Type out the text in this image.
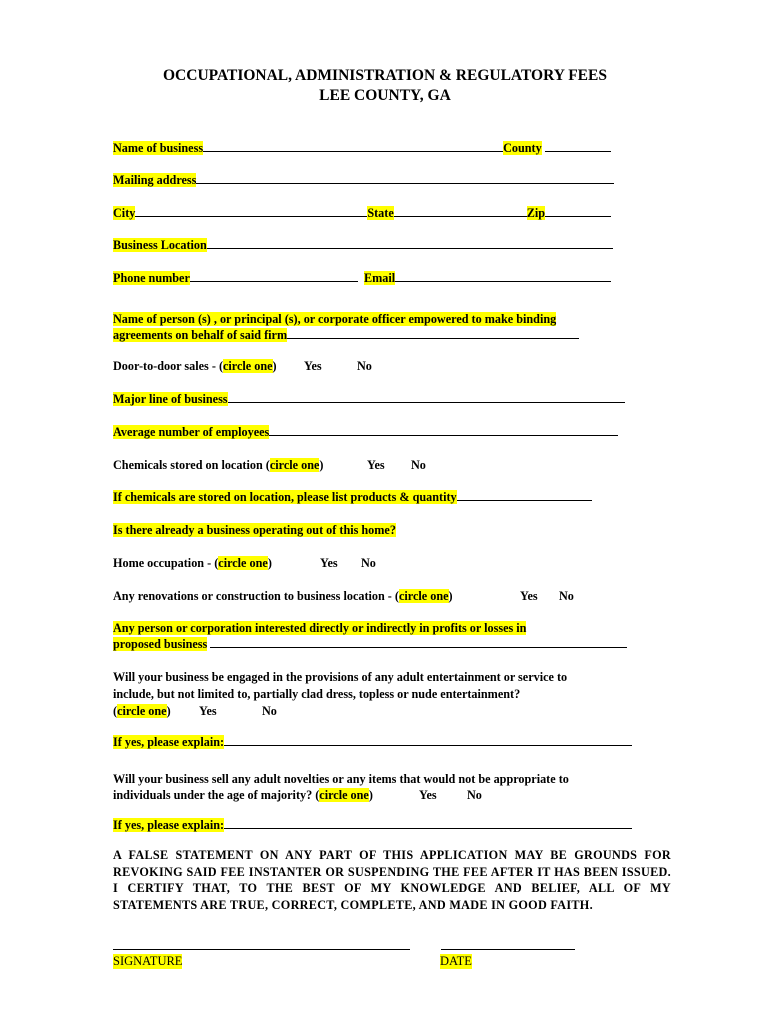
OCCUPATIONAL, ADMINISTRATION & REGULATORY FEES
LEE COUNTY, GA
Name of business	County
Mailing address
City	State	Zip
Business Location
Phone number	Email
Name of person (s) , or principal (s), or corporate officer empowered to make binding
agreements on behalf of said firm
Door-to-door sales - (circle one) Yes	No
Major line of business
Average number of employees
Chemicals stored on location (circle one)	Yes No
If chemicals are stored on location, please list products & quantity
Is there already a business operating out of this home?
Home occupation - (circle one)	Yes No
Any renovations or construction to business location - (circle one)	Yes No
Any person or corporation interested directly or indirectly in profits or losses in
proposed business
Will your business be engaged in the provisions of any adult entertainment or service to
include, but not limited to, partially clad dress, topless or nude entertainment?
(circle one) Yes	No
If yes, please explain:
Will your business sell any adult novelties or any items that would not be appropriate to
individuals under the age of majority? (circle one)	Yes No
If yes, please explain:
A FALSE STATEMENT ON ANY PART OF THIS APPLICATION MAY BE GROUNDS FOR REVOKING SAID FEE INSTANTER OR SUSPENDING THE FEE AFTER IT HAS BEEN ISSUED. I CERTIFY THAT, TO THE BEST OF MY KNOWLEDGE AND BELIEF, ALL OF MY STATEMENTS ARE TRUE, CORRECT, COMPLETE, AND MADE IN GOOD FAITH.
SIGNATURE	DATE
